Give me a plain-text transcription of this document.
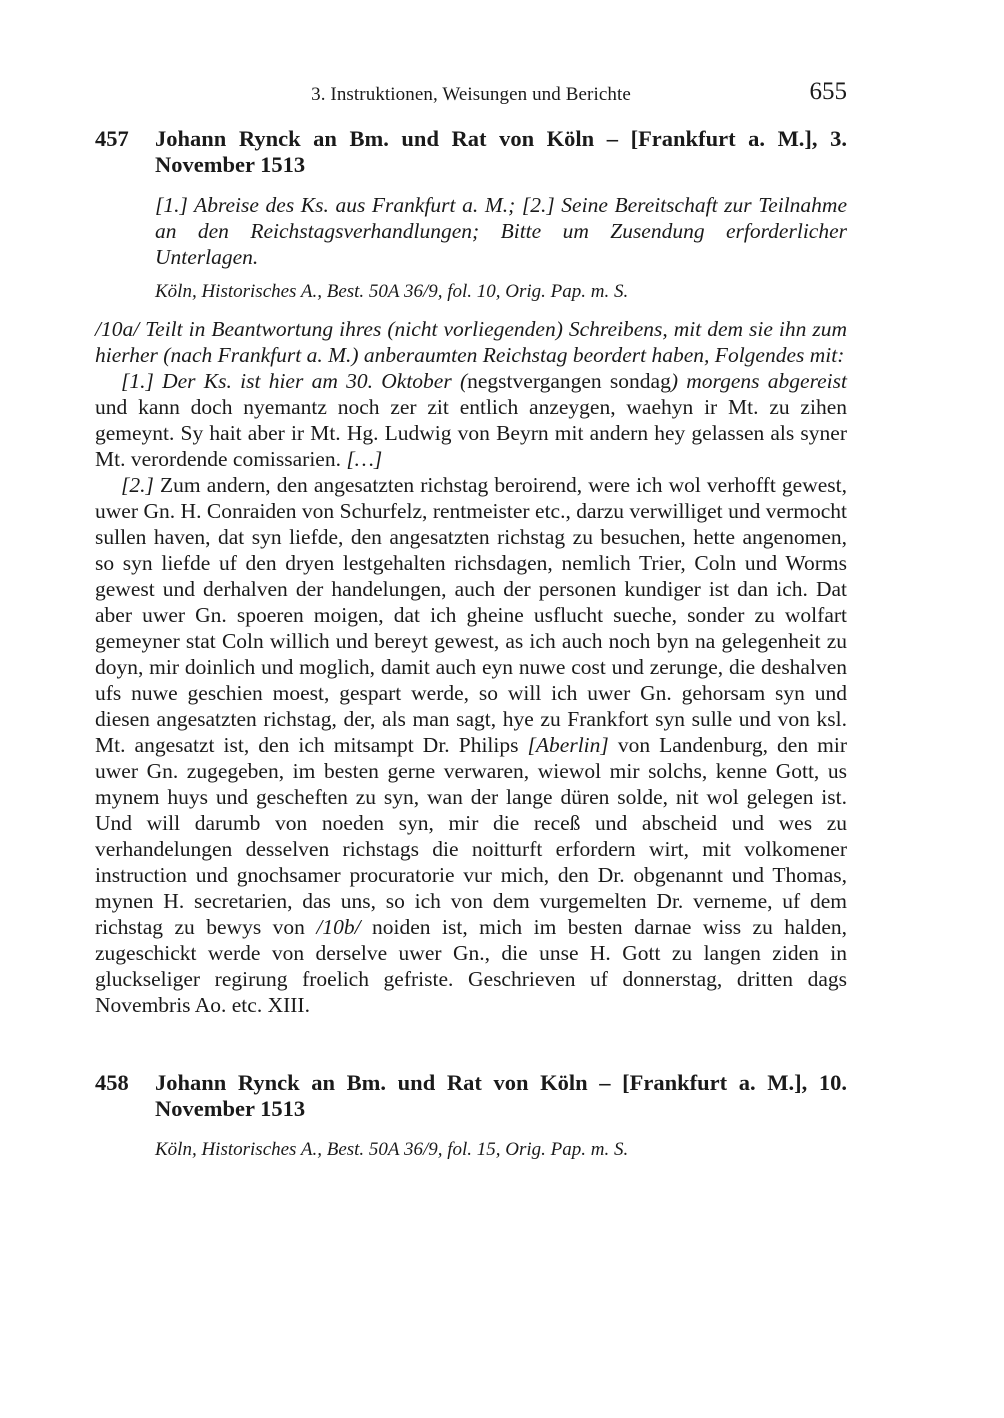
3. Instruktionen, Weisungen und Berichte	655
457	Johann Rynck an Bm. und Rat von Köln – [Frankfurt a. M.], 3. November 1513
[1.] Abreise des Ks. aus Frankfurt a. M.; [2.] Seine Bereitschaft zur Teilnahme an den Reichstagsverhandlungen; Bitte um Zusendung erforderlicher Unterlagen.
Köln, Historisches A., Best. 50A 36/9, fol. 10, Orig. Pap. m. S.

/10a/ Teilt in Beantwortung ihres (nicht vorliegenden) Schreibens, mit dem sie ihn zum hierher (nach Frankfurt a. M.) anberaumten Reichstag beordert haben, Folgendes mit:

[1.] Der Ks. ist hier am 30. Oktober (negstvergangen sondag) morgens abgereist und kann doch nyemantz noch zer zit entlich anzeygen, waehyn ir Mt. zu zihen gemeynt. Sy hait aber ir Mt. Hg. Ludwig von Beyrn mit andern hey gelassen als syner Mt. verordende comissarien. […]

[2.] Zum andern, den angesatzten richstag beroirend, were ich wol verhofft gewest, uwer Gn. H. Conraiden von Schurfelz, rentmeister etc., darzu verwilliget und vermocht sullen haven, dat syn liefde, den angesatzten richstag zu besuchen, hette angenomen, so syn liefde uf den dryen lestgehalten richsdagen, nemlich Trier, Coln und Worms gewest und derhalven der handelungen, auch der personen kundiger ist dan ich. Dat aber uwer Gn. spoeren moigen, dat ich gheine usflucht sueche, sonder zu wolfart gemeyner stat Coln willich und bereyt gewest, as ich auch noch byn na gelegenheit zu doyn, mir doinlich und moglich, damit auch eyn nuwe cost und zerunge, die deshalven ufs nuwe geschien moest, gespart werde, so will ich uwer Gn. gehorsam syn und diesen angesatzten richstag, der, als man sagt, hye zu Frankfort syn sulle und von ksl. Mt. angesatzt ist, den ich mitsampt Dr. Philips [Aberlin] von Landenburg, den mir uwer Gn. zugegeben, im besten gerne verwaren, wiewol mir solchs, kenne Gott, us mynem huys und gescheften zu syn, wan der lange düren solde, nit wol gelegen ist. Und will darumb von noeden syn, mir die receß und abscheid und wes zu verhandelungen desselven richstags die noitturft erfordern wirt, mit volkomener instruction und gnochsamer procuratorie vur mich, den Dr. obgenannt und Thomas, mynen H. secretarien, das uns, so ich von dem vurgemelten Dr. verneme, uf dem richstag zu bewys von /10b/ noiden ist, mich im besten darnae wiss zu halden, zugeschickt werde von derselve uwer Gn., die unse H. Gott zu langen ziden in gluckseliger regirung froelich gefriste. Geschrieven uf donnerstag, dritten dags Novembris Ao. etc. XIII.

458	Johann Rynck an Bm. und Rat von Köln – [Frankfurt a. M.], 10. November 1513
Köln, Historisches A., Best. 50A 36/9, fol. 15, Orig. Pap. m. S.
